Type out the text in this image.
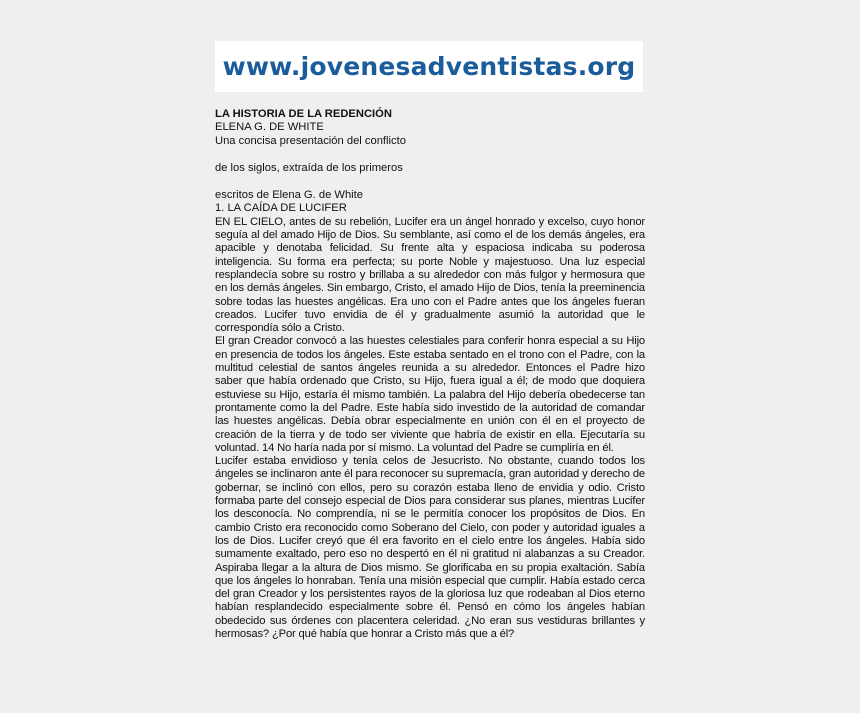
www.jovenesadventistas.org
LA HISTORIA DE LA REDENCIÓN
ELENA G. DE WHITE
Una concisa presentación del conflicto
de los siglos, extraída de los primeros
escritos de Elena G. de White
1. LA CAÍDA DE LUCIFER

EN EL CIELO, antes de su rebelión, Lucifer era un ángel honrado y excelso, cuyo honor seguía al del amado Hijo de Dios. Su semblante, así como el de los demás ángeles, era apacible y denotaba felicidad. Su frente alta y espaciosa indicaba su poderosa inteligencia. Su forma era perfecta; su porte Noble y majestuoso. Una luz especial resplandecía sobre su rostro y brillaba a su alrededor con más fulgor y hermosura que en los demás ángeles. Sin embargo, Cristo, el amado Hijo de Dios, tenía la preeminencia sobre todas las huestes angélicas. Era uno con el Padre antes que los ángeles fueran creados. Lucifer tuvo envidia de él y gradualmente asumió la autoridad que le correspondía sólo a Cristo.

El gran Creador convocó a las huestes celestiales para conferir honra especial a su Hijo en presencia de todos los ángeles. Este estaba sentado en el trono con el Padre, con la multitud celestial de santos ángeles reunida a su alrededor. Entonces el Padre hizo saber que había ordenado que Cristo, su Hijo, fuera igual a él; de modo que doquiera estuviese su Hijo, estaría él mismo también. La palabra del Hijo debería obedecerse tan prontamente como la del Padre. Este había sido investido de la autoridad de comandar las huestes angélicas. Debía obrar especialmente en unión con él en el proyecto de creación de la tierra y de todo ser viviente que habría de existir en ella. Ejecutaría su voluntad. 14 No haría nada por sí mismo. La voluntad del Padre se cumpliría en él.

Lucifer estaba envidioso y tenía celos de Jesucristo. No obstante, cuando todos los ángeles se inclinaron ante él para reconocer su supremacía, gran autoridad y derecho de gobernar, se inclinó con ellos, pero su corazón estaba lleno de envidia y odio. Cristo formaba parte del consejo especial de Dios para considerar sus planes, mientras Lucifer los desconocía. No comprendía, ni se le permitía conocer los propósitos de Dios. En cambio Cristo era reconocido como Soberano del Cielo, con poder y autoridad iguales a los de Dios. Lucifer creyó que él era favorito en el cielo entre los ángeles. Había sido sumamente exaltado, pero eso no despertó en él ni gratitud ni alabanzas a su Creador. Aspiraba llegar a la altura de Dios mismo. Se glorificaba en su propia exaltación. Sabía que los ángeles lo honraban. Tenía una misión especial que cumplir. Había estado cerca del gran Creador y los persistentes rayos de la gloriosa luz que rodeaban al Dios eterno habían resplandecido especialmente sobre él. Pensó en cómo los ángeles habían obedecido sus órdenes con placentera celeridad. ¿No eran sus vestiduras brillantes y hermosas? ¿Por qué había que honrar a Cristo más que a él?
